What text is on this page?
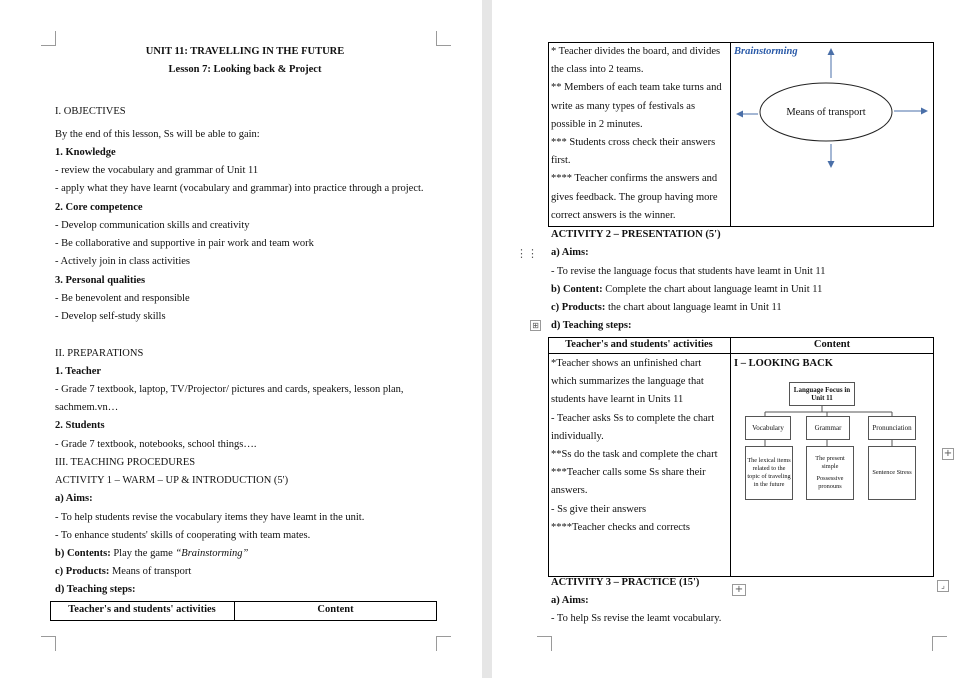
UNIT 11: TRAVELLING IN THE FUTURE
Lesson 7: Looking back & Project
I. OBJECTIVES
By the end of this lesson, Ss will be able to gain:
1. Knowledge
- review the vocabulary and grammar of Unit 11
- apply what they have learnt (vocabulary and grammar) into practice through a project.
2. Core competence
- Develop communication skills and creativity
- Be collaborative and supportive in pair work and team work
- Actively join in class activities
3. Personal qualities
- Be benevolent and responsible
- Develop self-study skills
II. PREPARATIONS
1. Teacher
- Grade 7 textbook, laptop, TV/Projector/ pictures and cards, speakers, lesson plan,
sachmem.vn…
2. Students
- Grade 7 textbook, notebooks, school things….
III. TEACHING PROCEDURES
ACTIVITY 1 – WARM – UP & INTRODUCTION (5')
a) Aims:
- To help students revise the vocabulary items they have leamt in the unit.
- To enhance students' skills of cooperating with team mates.
b) Contents: Play the game “Brainstorming”
c) Products: Means of transport
d) Teaching steps:
Teacher's and students' activities	Content
* Teacher divides the board, and divides
the class into 2 teams.
** Members of each team take turns and
write as many types of festivals as
possible in 2 minutes.
*** Students cross check their answers
first.
**** Teacher confirms the answers and
gives feedback. The group having more
correct answers is the winner.
Brainstorming
Means of transport
ACTIVITY 2 – PRESENTATION (5')
⋮⋮ a) Aims:
- To revise the language focus that students have leamt in Unit 11
b) Content: Complete the chart about language leamt in Unit 11
c) Products: the chart about language leamt in Unit 11
⊞ d) Teaching steps:
Teacher's and students' activities	Content
*Teacher shows an unfinished chart
which summarizes the language that
students have learnt in Units 11
- Teacher asks Ss to complete the chart
individually.
**Ss do the task and complete the chart
***Teacher calls some Ss share their
answers.
- Ss give their answers
****Teacher checks and corrects
I – LOOKING BACK
Language Focus in Unit 11
Vocabulary	Grammar	Pronunciation
The lexical items related to the topic of traveling in the future
The present simple
Possessive pronouns
Sentence Stress
+
ACTIVITY 3 – PRACTICE (15')
+	⌟
a) Aims:
- To help Ss revise the leamt vocabulary.
